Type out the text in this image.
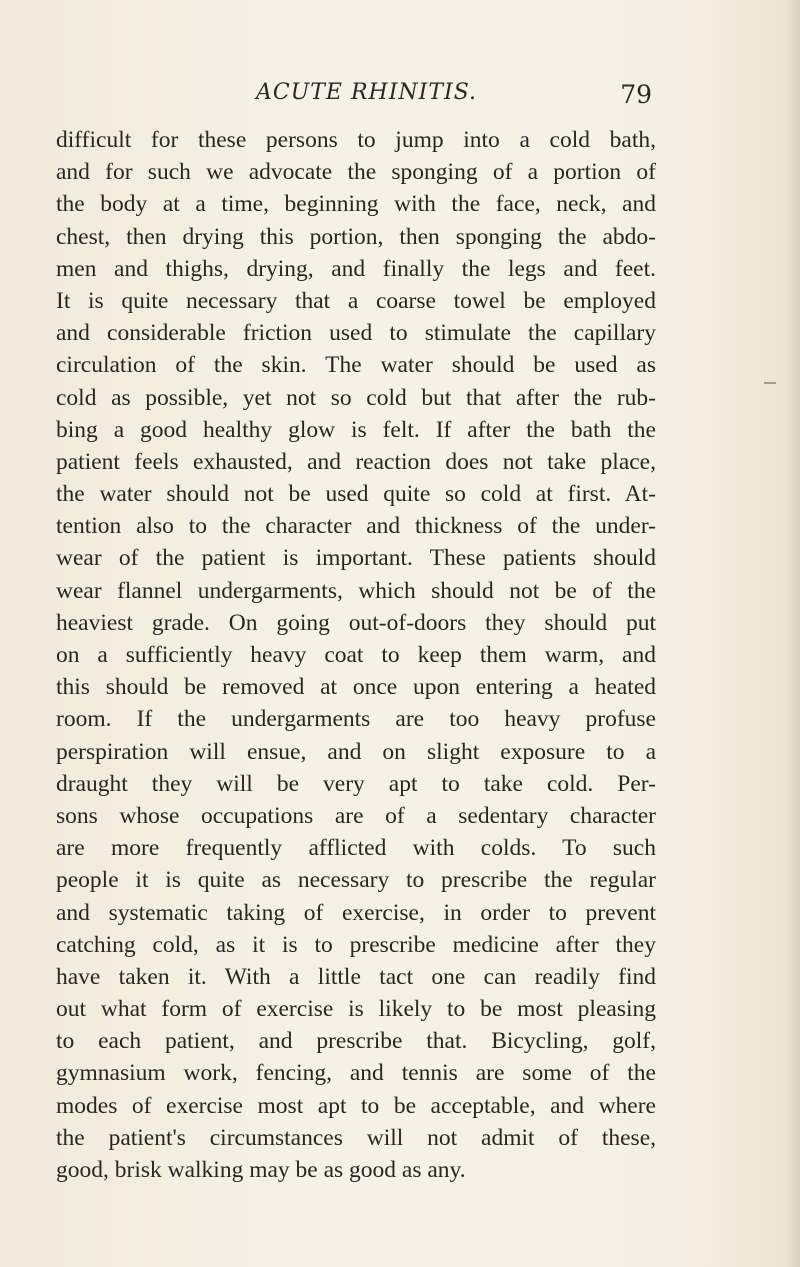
ACUTE RHINITIS.	79
difficult for these persons to jump into a cold bath,
and for such we advocate the sponging of a portion of
the body at a time, beginning with the face, neck, and
chest, then drying this portion, then sponging the abdo-
men and thighs, drying, and finally the legs and feet.
It is quite necessary that a coarse towel be employed
and considerable friction used to stimulate the capillary
circulation of the skin. The water should be used as
cold as possible, yet not so cold but that after the rub-
bing a good healthy glow is felt. If after the bath the
patient feels exhausted, and reaction does not take place,
the water should not be used quite so cold at first. At-
tention also to the character and thickness of the under-
wear of the patient is important. These patients should
wear flannel undergarments, which should not be of the
heaviest grade. On going out-of-doors they should put
on a sufficiently heavy coat to keep them warm, and
this should be removed at once upon entering a heated
room. If the undergarments are too heavy profuse
perspiration will ensue, and on slight exposure to a
draught they will be very apt to take cold. Per-
sons whose occupations are of a sedentary character
are more frequently afflicted with colds. To such
people it is quite as necessary to prescribe the regular
and systematic taking of exercise, in order to prevent
catching cold, as it is to prescribe medicine after they
have taken it. With a little tact one can readily find
out what form of exercise is likely to be most pleasing
to each patient, and prescribe that. Bicycling, golf,
gymnasium work, fencing, and tennis are some of the
modes of exercise most apt to be acceptable, and where
the patient's circumstances will not admit of these,
good, brisk walking may be as good as any.
